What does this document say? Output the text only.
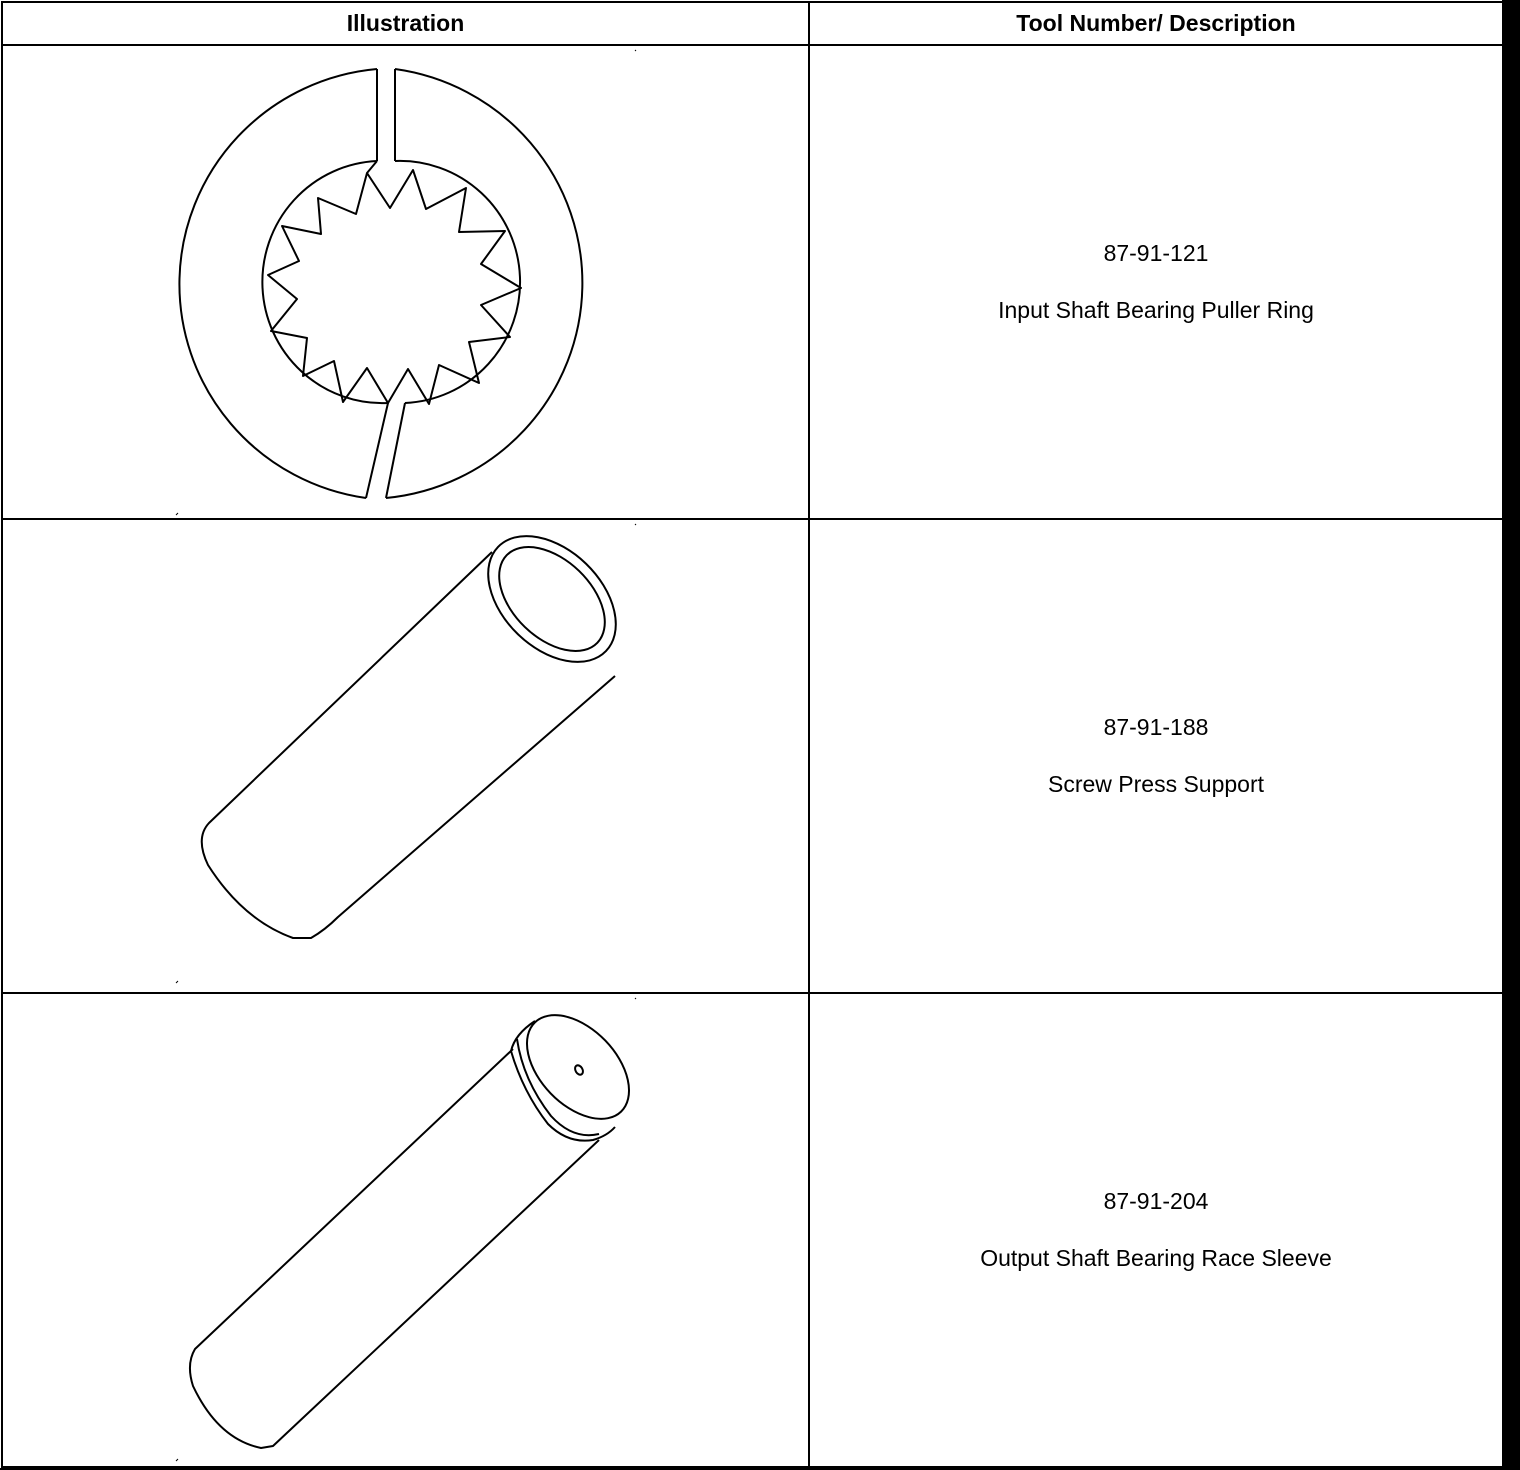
Illustration	Tool Number/ Description

87-91-121
Input Shaft Bearing Puller Ring

87-91-188
Screw Press Support

87-91-204
Output Shaft Bearing Race Sleeve
